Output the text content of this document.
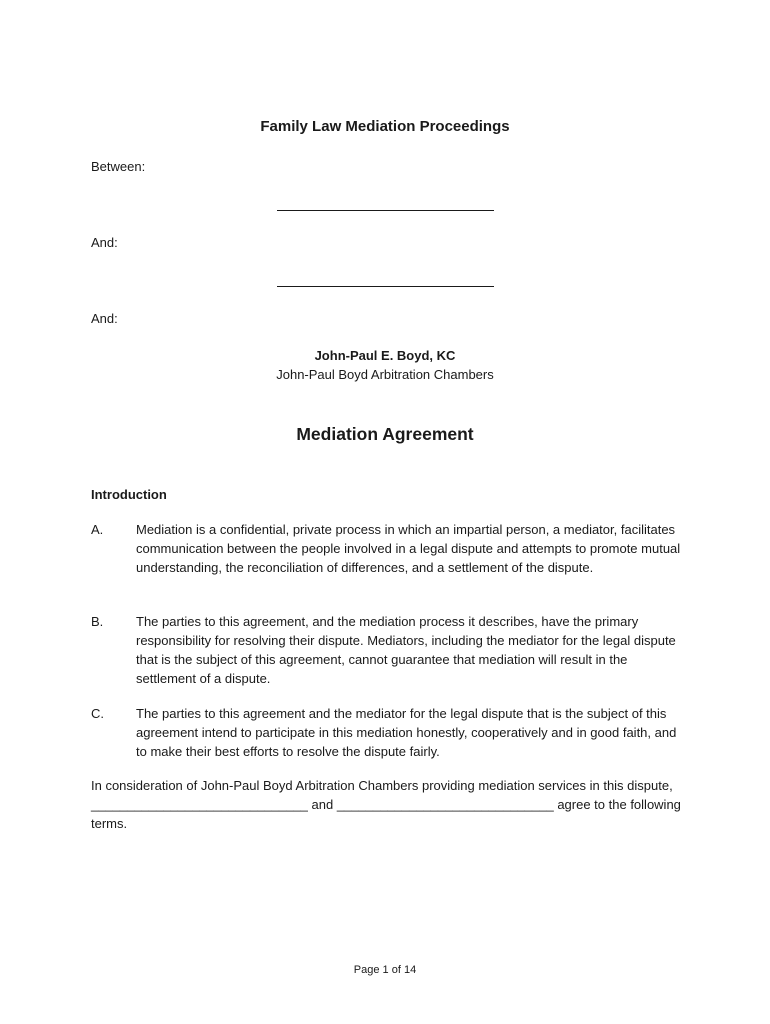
Family Law Mediation Proceedings
Between:
And:
And:
John-Paul E. Boyd, KC
John-Paul Boyd Arbitration Chambers
Mediation Agreement
Introduction
A.	Mediation is a confidential, private process in which an impartial person, a mediator, facilitates communication between the people involved in a legal dispute and attempts to promote mutual understanding, the reconciliation of differences, and a settlement of the dispute.
B.	The parties to this agreement, and the mediation process it describes, have the primary responsibility for resolving their dispute. Mediators, including the mediator for the legal dispute that is the subject of this agreement, cannot guarantee that mediation will result in the settlement of a dispute.
C. The parties to this agreement and the mediator for the legal dispute that is the subject of this agreement intend to participate in this mediation honestly, cooperatively and in good faith, and to make their best efforts to resolve the dispute fairly.
In consideration of John-Paul Boyd Arbitration Chambers providing mediation services in this dispute, ______________________________ and ______________________________ agree to the following terms.
Page 1 of 14
